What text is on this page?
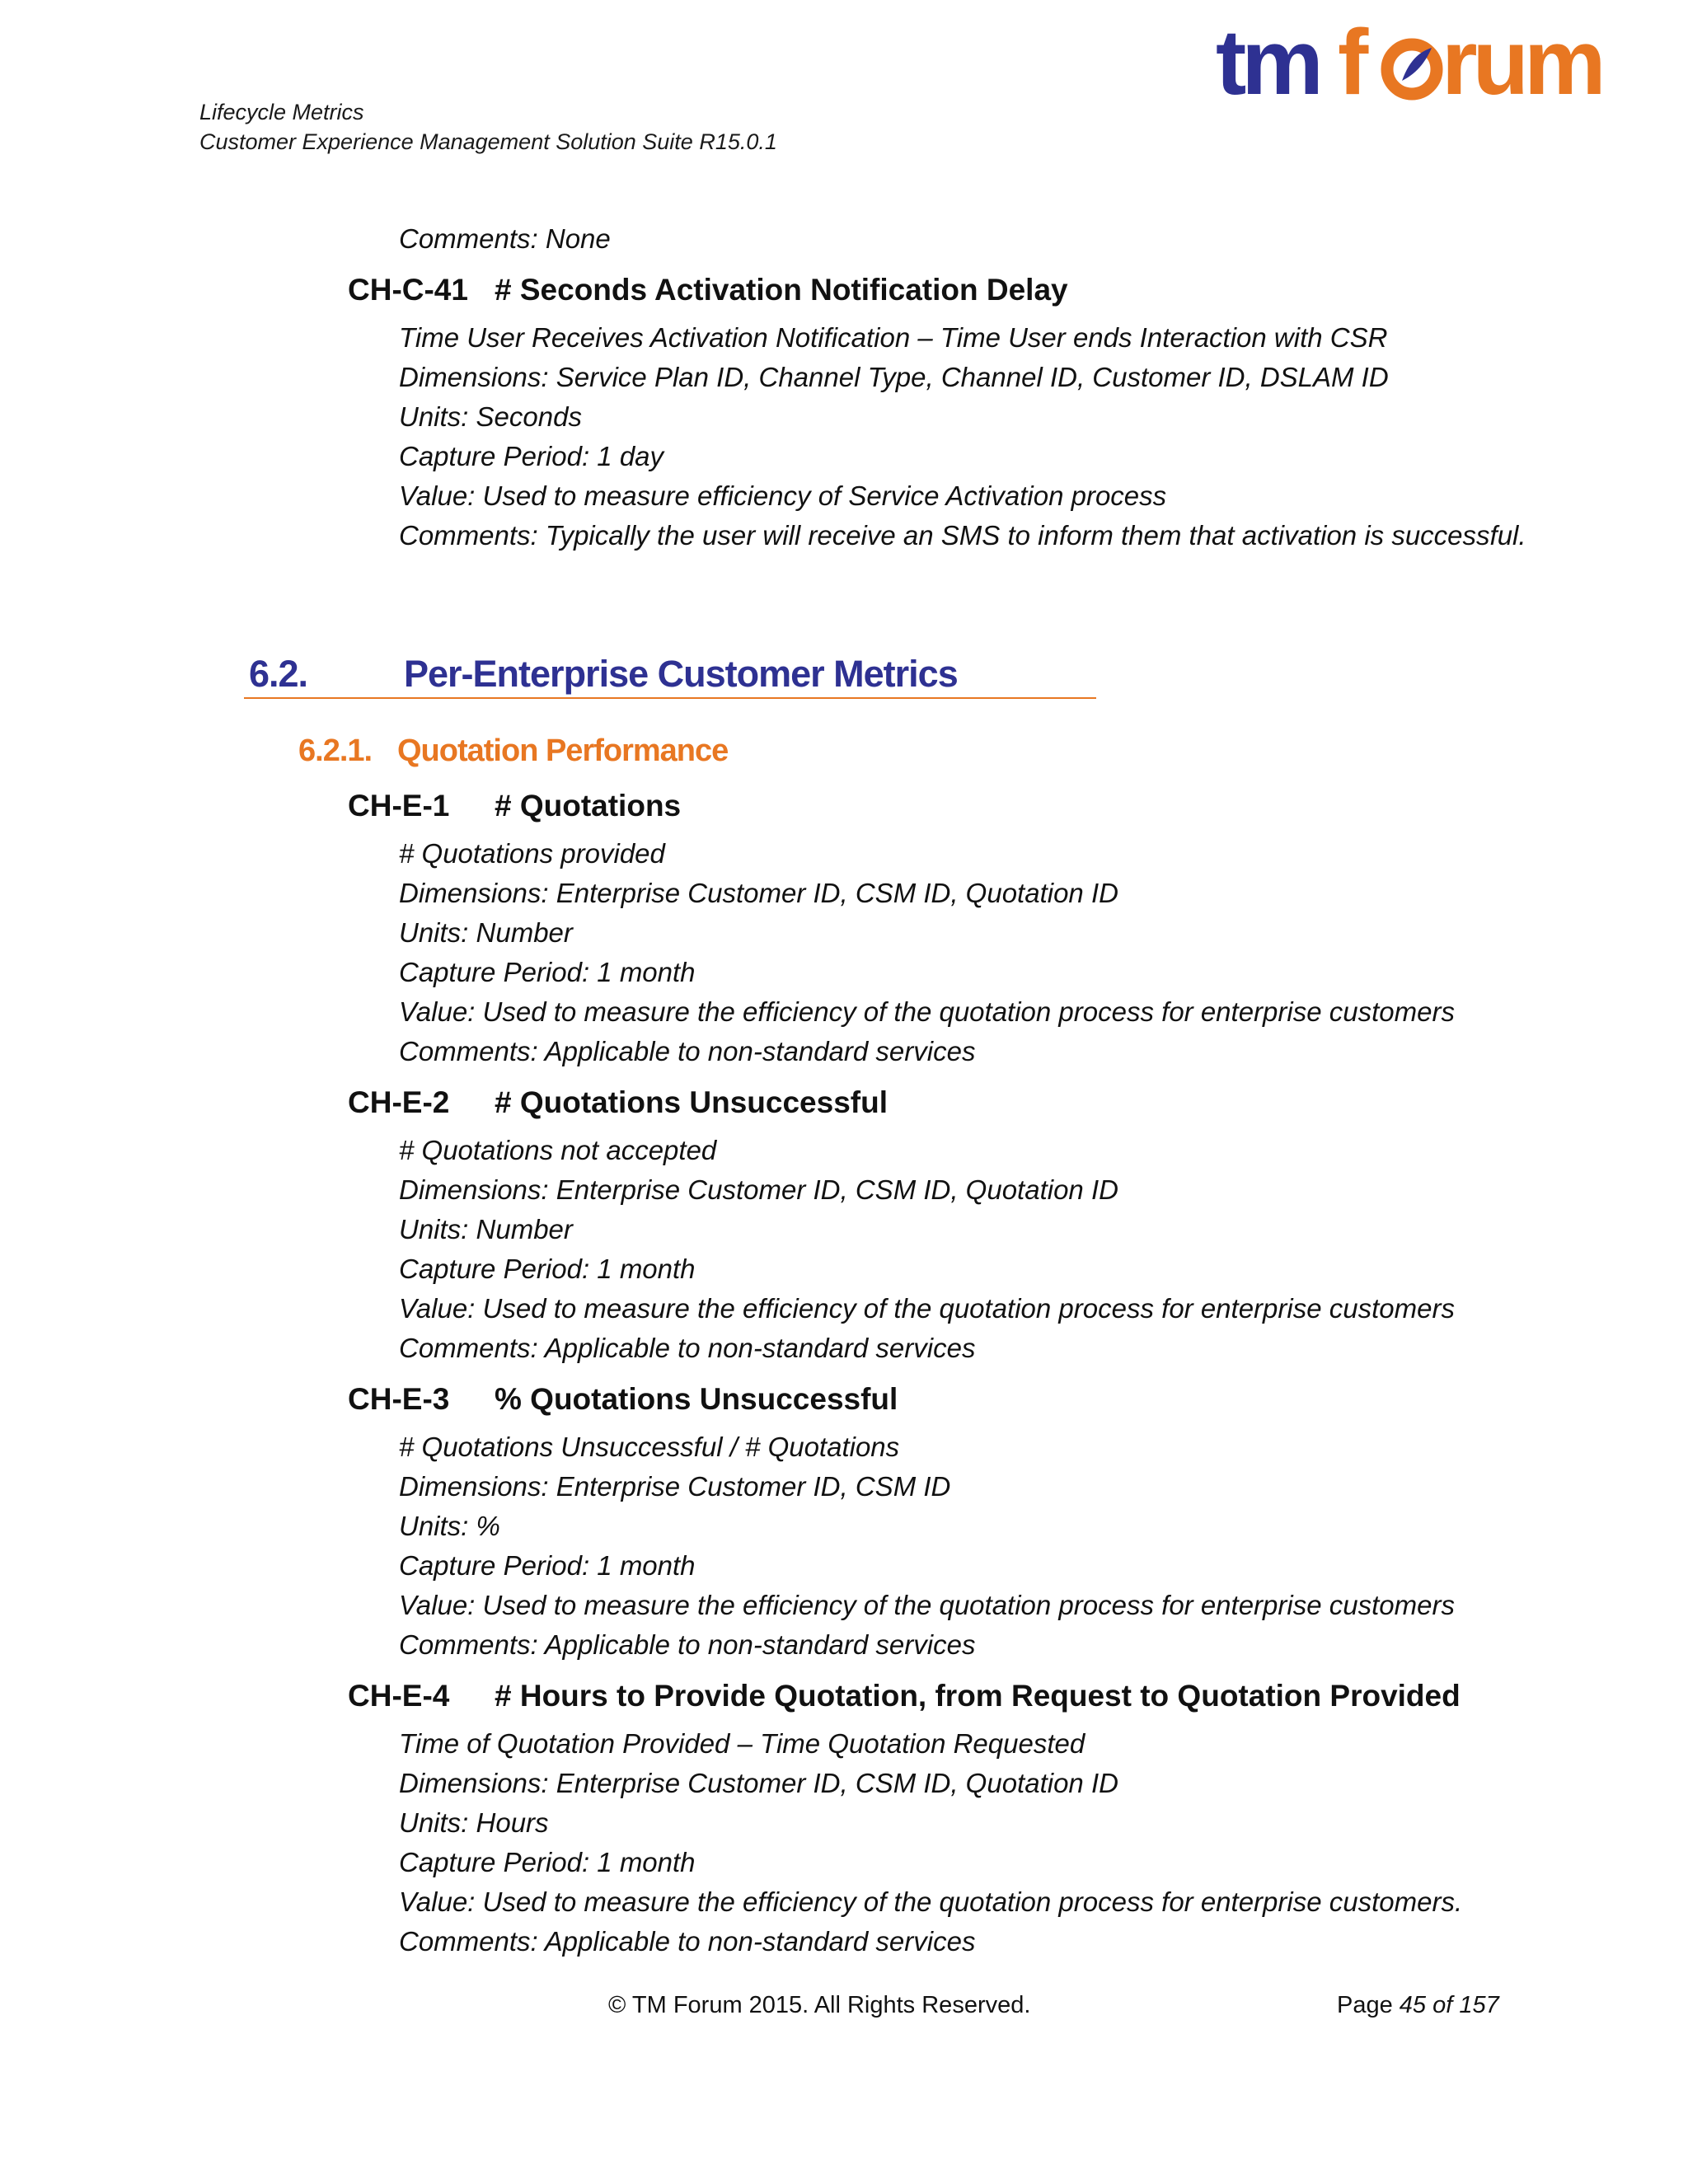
Lifecycle Metrics
Customer Experience Management Solution Suite R15.0.1
tm f rum
Comments: None
CH-C-41 # Seconds Activation Notification Delay
Time User Receives Activation Notification – Time User ends Interaction with CSR
Dimensions: Service Plan ID, Channel Type, Channel ID, Customer ID, DSLAM ID
Units: Seconds
Capture Period: 1 day
Value: Used to measure efficiency of Service Activation process
Comments: Typically the user will receive an SMS to inform them that activation is successful.
6.2.	Per-Enterprise Customer Metrics
6.2.1. Quotation Performance
CH-E-1 # Quotations
# Quotations provided
Dimensions: Enterprise Customer ID, CSM ID, Quotation ID
Units: Number
Capture Period: 1 month
Value: Used to measure the efficiency of the quotation process for enterprise customers
Comments: Applicable to non-standard services
CH-E-2 # Quotations Unsuccessful
# Quotations not accepted
Dimensions: Enterprise Customer ID, CSM ID, Quotation ID
Units: Number
Capture Period: 1 month
Value: Used to measure the efficiency of the quotation process for enterprise customers
Comments: Applicable to non-standard services
CH-E-3 % Quotations Unsuccessful
# Quotations Unsuccessful / # Quotations
Dimensions: Enterprise Customer ID, CSM ID
Units: %
Capture Period: 1 month
Value: Used to measure the efficiency of the quotation process for enterprise customers
Comments: Applicable to non-standard services
CH-E-4 # Hours to Provide Quotation, from Request to Quotation Provided
Time of Quotation Provided – Time Quotation Requested
Dimensions: Enterprise Customer ID, CSM ID, Quotation ID
Units: Hours
Capture Period: 1 month
Value: Used to measure the efficiency of the quotation process for enterprise customers.
Comments: Applicable to non-standard services
© TM Forum 2015. All Rights Reserved.	Page 45 of 157
